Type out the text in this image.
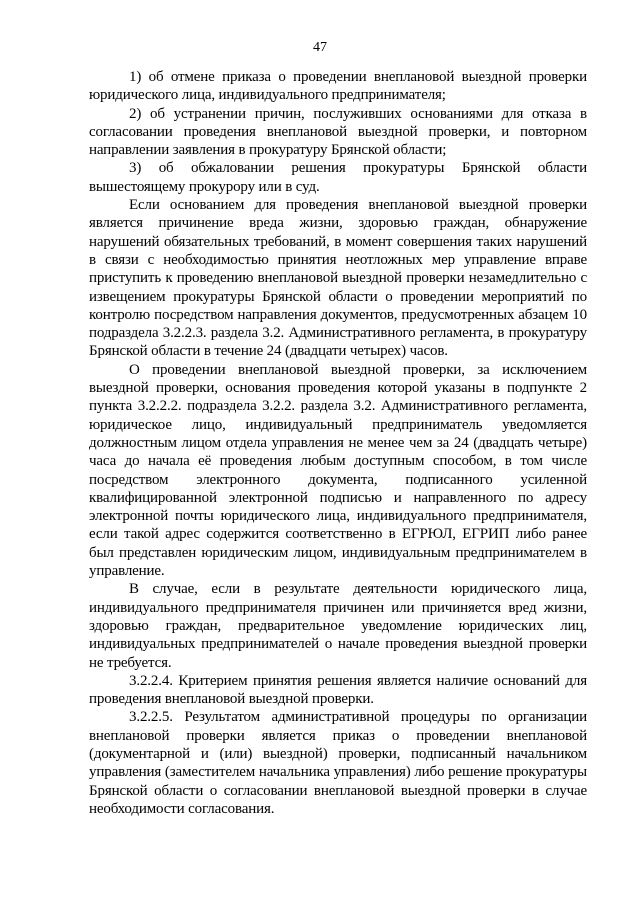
47

1) об отмене приказа о проведении внеплановой выездной проверки юридического лица, индивидуального предпринимателя;

2) об устранении причин, послуживших основаниями для отказа в согласовании проведения внеплановой выездной проверки, и повторном направлении заявления в прокуратуру Брянской области;

3) об обжаловании решения прокуратуры Брянской области вышестоящему прокурору или в суд.

Если основанием для проведения внеплановой выездной проверки является причинение вреда жизни, здоровью граждан, обнаружение нарушений обязательных требований, в момент совершения таких нарушений в связи с необходимостью принятия неотложных мер управление вправе приступить к проведению внеплановой выездной проверки незамедлительно с извещением прокуратуры Брянской области о проведении мероприятий по контролю посредством направления документов, предусмотренных абзацем 10 подраздела 3.2.2.3. раздела 3.2. Административного регламента, в прокуратуру Брянской области в течение 24 (двадцати четырех) часов.

О проведении внеплановой выездной проверки, за исключением выездной проверки, основания проведения которой указаны в подпункте 2 пункта 3.2.2.2. подраздела 3.2.2. раздела 3.2. Административного регламента, юридическое лицо, индивидуальный предприниматель уведомляется должностным лицом отдела управления не менее чем за 24 (двадцать четыре) часа до начала её проведения любым доступным способом, в том числе посредством электронного документа, подписанного усиленной квалифицированной электронной подписью и направленного по адресу электронной почты юридического лица, индивидуального предпринимателя, если такой адрес содержится соответственно в ЕГРЮЛ, ЕГРИП либо ранее был представлен юридическим лицом, индивидуальным предпринимателем в управление.

В случае, если в результате деятельности юридического лица, индивидуального предпринимателя причинен или причиняется вред жизни, здоровью граждан, предварительное уведомление юридических лиц, индивидуальных предпринимателей о начале проведения выездной проверки не требуется.

3.2.2.4. Критерием принятия решения является наличие оснований для проведения внеплановой выездной проверки.

3.2.2.5. Результатом административной процедуры по организации внеплановой проверки является приказ о проведении внеплановой (документарной и (или) выездной) проверки, подписанный начальником управления (заместителем начальника управления) либо решение прокуратуры Брянской области о согласовании внеплановой выездной проверки в случае необходимости согласования.
